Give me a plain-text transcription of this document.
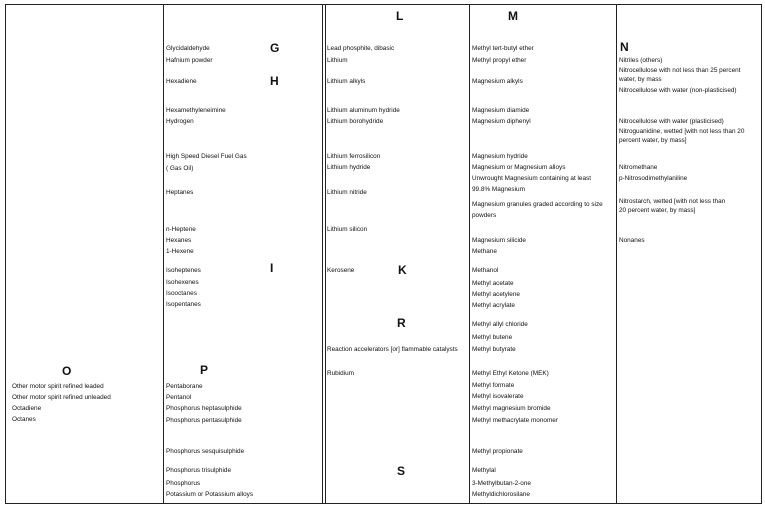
L	M
N
G
H
I	K
R
O	P
S
Other motor spirit refined leaded
Other motor spirit refined unleaded
Octadiene
Octanes
Glycidaldehyde
Hafnium powder
Hexadiene
Hexamethyleneimine
Hydrogen
High Speed Diesel Fuel Gas
( Gas Oil)
Heptanes
n-Heptene
Hexanes
1-Hexene
Isoheptenes
Isohexenes
Isooctanes
Isopentanes
Pentaborane
Pentanol
Phosphorus heptasulphide
Phosphorus pentasulphide
Phosphorus sesquisulphide
Phosphorus trisulphide
Phosphorus
Potassium or Potassium alloys
Lead phosphite, dibasic
Lithium
Lithium alkyls
Lithium aluminum hydride
Lithium borohydride
Lithium ferrosilicon
Lithium hydride
Lithium nitride
Lithium silicon
Kerosene
Reaction accelerators [or] flammable catalysts
Rubidium
Methyl tert-butyl ether
Methyl propyl ether
Magnesium alkyls
Magnesium diamide
Magnesium diphenyl
Magnesium hydride
Magnesium or Magnesium alloys
Unwrought Magnesium containing at least
99.8% Magnesium
Magnesium granules graded according to size
powders
Magnesium silicide
Methane
Methanol
Methyl acetate
Methyl acetylene
Methyl acrylate
Methyl allyl chloride
Methyl butene
Methyl butyrate
Methyl Ethyl Ketone (MEK)
Methyl formate
Methyl isovalerate
Methyl magnesium bromide
Methyl methacrylate monomer
Methyl propionate
Methylal
3-Methylbutan-2-one
Methyldichlorosilane
Nitriles (others)
Nitrocellulose with not less than 25 percent water, by mass
Nitrocellulose with water (non-plasticised)
Nitrocellulose with water (plasticised)
Nitroguanidine, wetted [with not less than 20 percent water, by mass]
Nitromethane
p-Nitrosodimethylaniline
Nitrostarch, wetted [with not less than 20 percent water, by mass]
Nonanes
